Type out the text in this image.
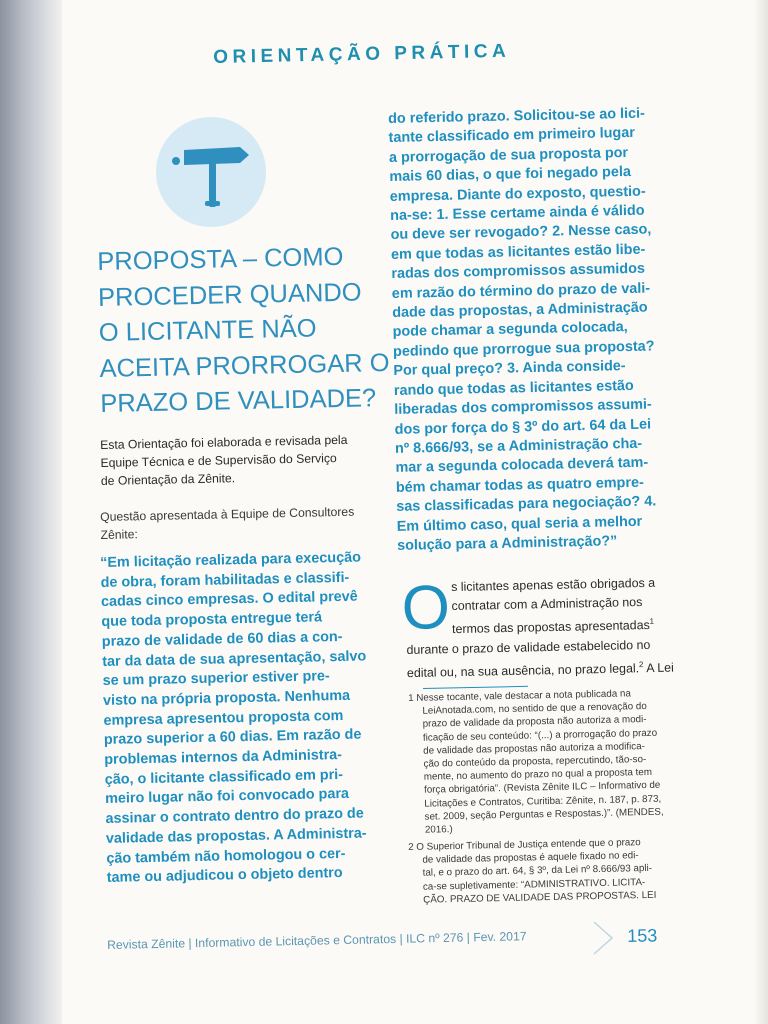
ORIENTAÇÃO PRÁTICA
PROPOSTA – COMO
PROCEDER QUANDO
O LICITANTE NÃO
ACEITA PRORROGAR O
PRAZO DE VALIDADE?
Esta Orientação foi elaborada e revisada pela
Equipe Técnica e de Supervisão do Serviço
de Orientação da Zênite.
Questão apresentada à Equipe de Consultores
Zênite:
“Em licitação realizada para execução
de obra, foram habilitadas e classifi-
cadas cinco empresas. O edital prevê
que toda proposta entregue terá
prazo de validade de 60 dias a con-
tar da data de sua apresentação, salvo
se um prazo superior estiver pre-
visto na própria proposta. Nenhuma
empresa apresentou proposta com
prazo superior a 60 dias. Em razão de
problemas internos da Administra-
ção, o licitante classificado em pri-
meiro lugar não foi convocado para
assinar o contrato dentro do prazo de
validade das propostas. A Administra-
ção também não homologou o cer-
tame ou adjudicou o objeto dentro
do referido prazo. Solicitou-se ao lici-
tante classificado em primeiro lugar
a prorrogação de sua proposta por
mais 60 dias, o que foi negado pela
empresa. Diante do exposto, questio-
na-se: 1. Esse certame ainda é válido
ou deve ser revogado? 2. Nesse caso,
em que todas as licitantes estão libe-
radas dos compromissos assumidos
em razão do término do prazo de vali-
dade das propostas, a Administração
pode chamar a segunda colocada,
pedindo que prorrogue sua proposta?
Por qual preço? 3. Ainda conside-
rando que todas as licitantes estão
liberadas dos compromissos assumi-
dos por força do § 3º do art. 64 da Lei
nº 8.666/93, se a Administração cha-
mar a segunda colocada deverá tam-
bém chamar todas as quatro empre-
sas classificadas para negociação? 4.
Em último caso, qual seria a melhor
solução para a Administração?”
O s licitantes apenas estão obrigados a
contratar com a Administração nos
termos das propostas apresentadas$^1$
durante o prazo de validade estabelecido no
edital ou, na sua ausência, no prazo legal.$^2$ A Lei
1 Nesse tocante, vale destacar a nota publicada na
LeiAnotada.com, no sentido de que a renovação do
prazo de validade da proposta não autoriza a modi-
ficação de seu conteúdo: “(...) a prorrogação do prazo
de validade das propostas não autoriza a modifica-
ção do conteúdo da proposta, repercutindo, tão-so-
mente, no aumento do prazo no qual a proposta tem
força obrigatória”. (Revista Zênite ILC – Informativo de
Licitações e Contratos, Curitiba: Zênite, n. 187, p. 873,
set. 2009, seção Perguntas e Respostas.)”. (MENDES,
2016.)
2 O Superior Tribunal de Justiça entende que o prazo
de validade das propostas é aquele fixado no edi-
tal, e o prazo do art. 64, § 3º, da Lei nº 8.666/93 apli-
ca-se supletivamente: “ADMINISTRATIVO. LICITA-
ÇÃO. PRAZO DE VALIDADE DAS PROPOSTAS. LEI
Revista Zênite | Informativo de Licitações e Contratos | ILC nº 276 | Fev. 2017	153
